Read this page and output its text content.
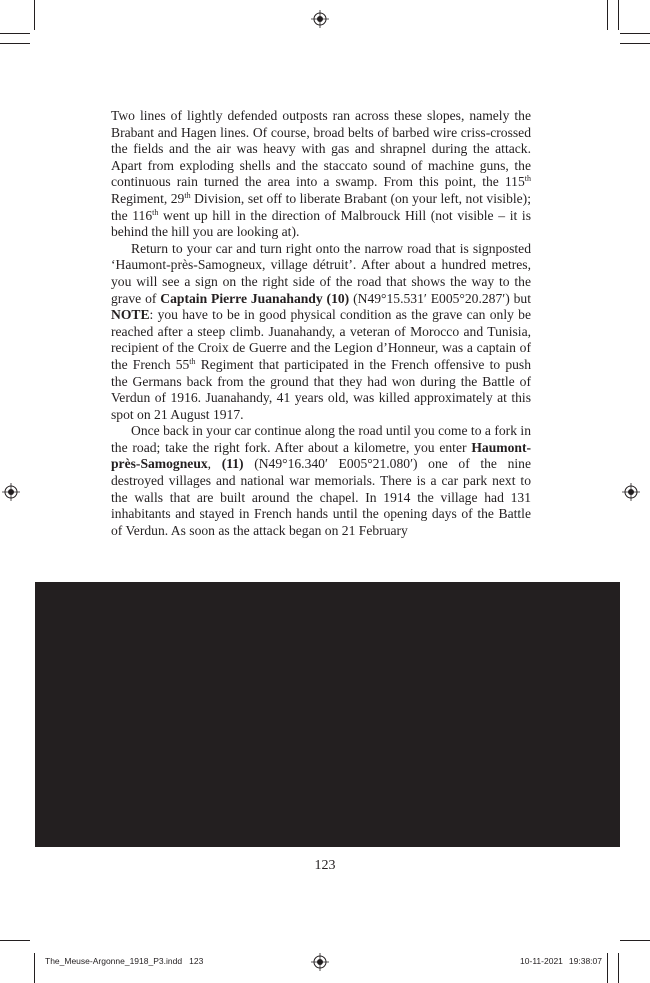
Two lines of lightly defended outposts ran across these slopes, namely the Brabant and Hagen lines. Of course, broad belts of barbed wire criss-crossed the fields and the air was heavy with gas and shrapnel during the attack. Apart from exploding shells and the staccato sound of machine guns, the continuous rain turned the area into a swamp. From this point, the 115th Regiment, 29th Division, set off to liberate Brabant (on your left, not visible); the 116th went up hill in the direction of Malbrouck Hill (not visible – it is behind the hill you are looking at).

Return to your car and turn right onto the narrow road that is signposted ‘Haumont-près-Samogneux, village détruit’. After about a hundred metres, you will see a sign on the right side of the road that shows the way to the grave of Captain Pierre Juanahandy (10) (N49°15.531′ E005°20.287′) but NOTE: you have to be in good physical condition as the grave can only be reached after a steep climb. Juanahandy, a veteran of Morocco and Tunisia, recipient of the Croix de Guerre and the Legion d’Honneur, was a captain of the French 55th Regiment that participated in the French offensive to push the Germans back from the ground that they had won during the Battle of Verdun of 1916. Juanahandy, 41 years old, was killed approximately at this spot on 21 August 1917.

Once back in your car continue along the road until you come to a fork in the road; take the right fork. After about a kilometre, you enter Haumont-près-Samogneux, (11) (N49°16.340′ E005°21.080′) one of the nine destroyed villages and national war memorials. There is a car park next to the walls that are built around the chapel. In 1914 the village had 131 inhabitants and stayed in French hands until the opening days of the Battle of Verdun. As soon as the attack began on 21 February

123
The_Meuse-Argonne_1918_P3.indd   123	10-11-2021 19:38:07
